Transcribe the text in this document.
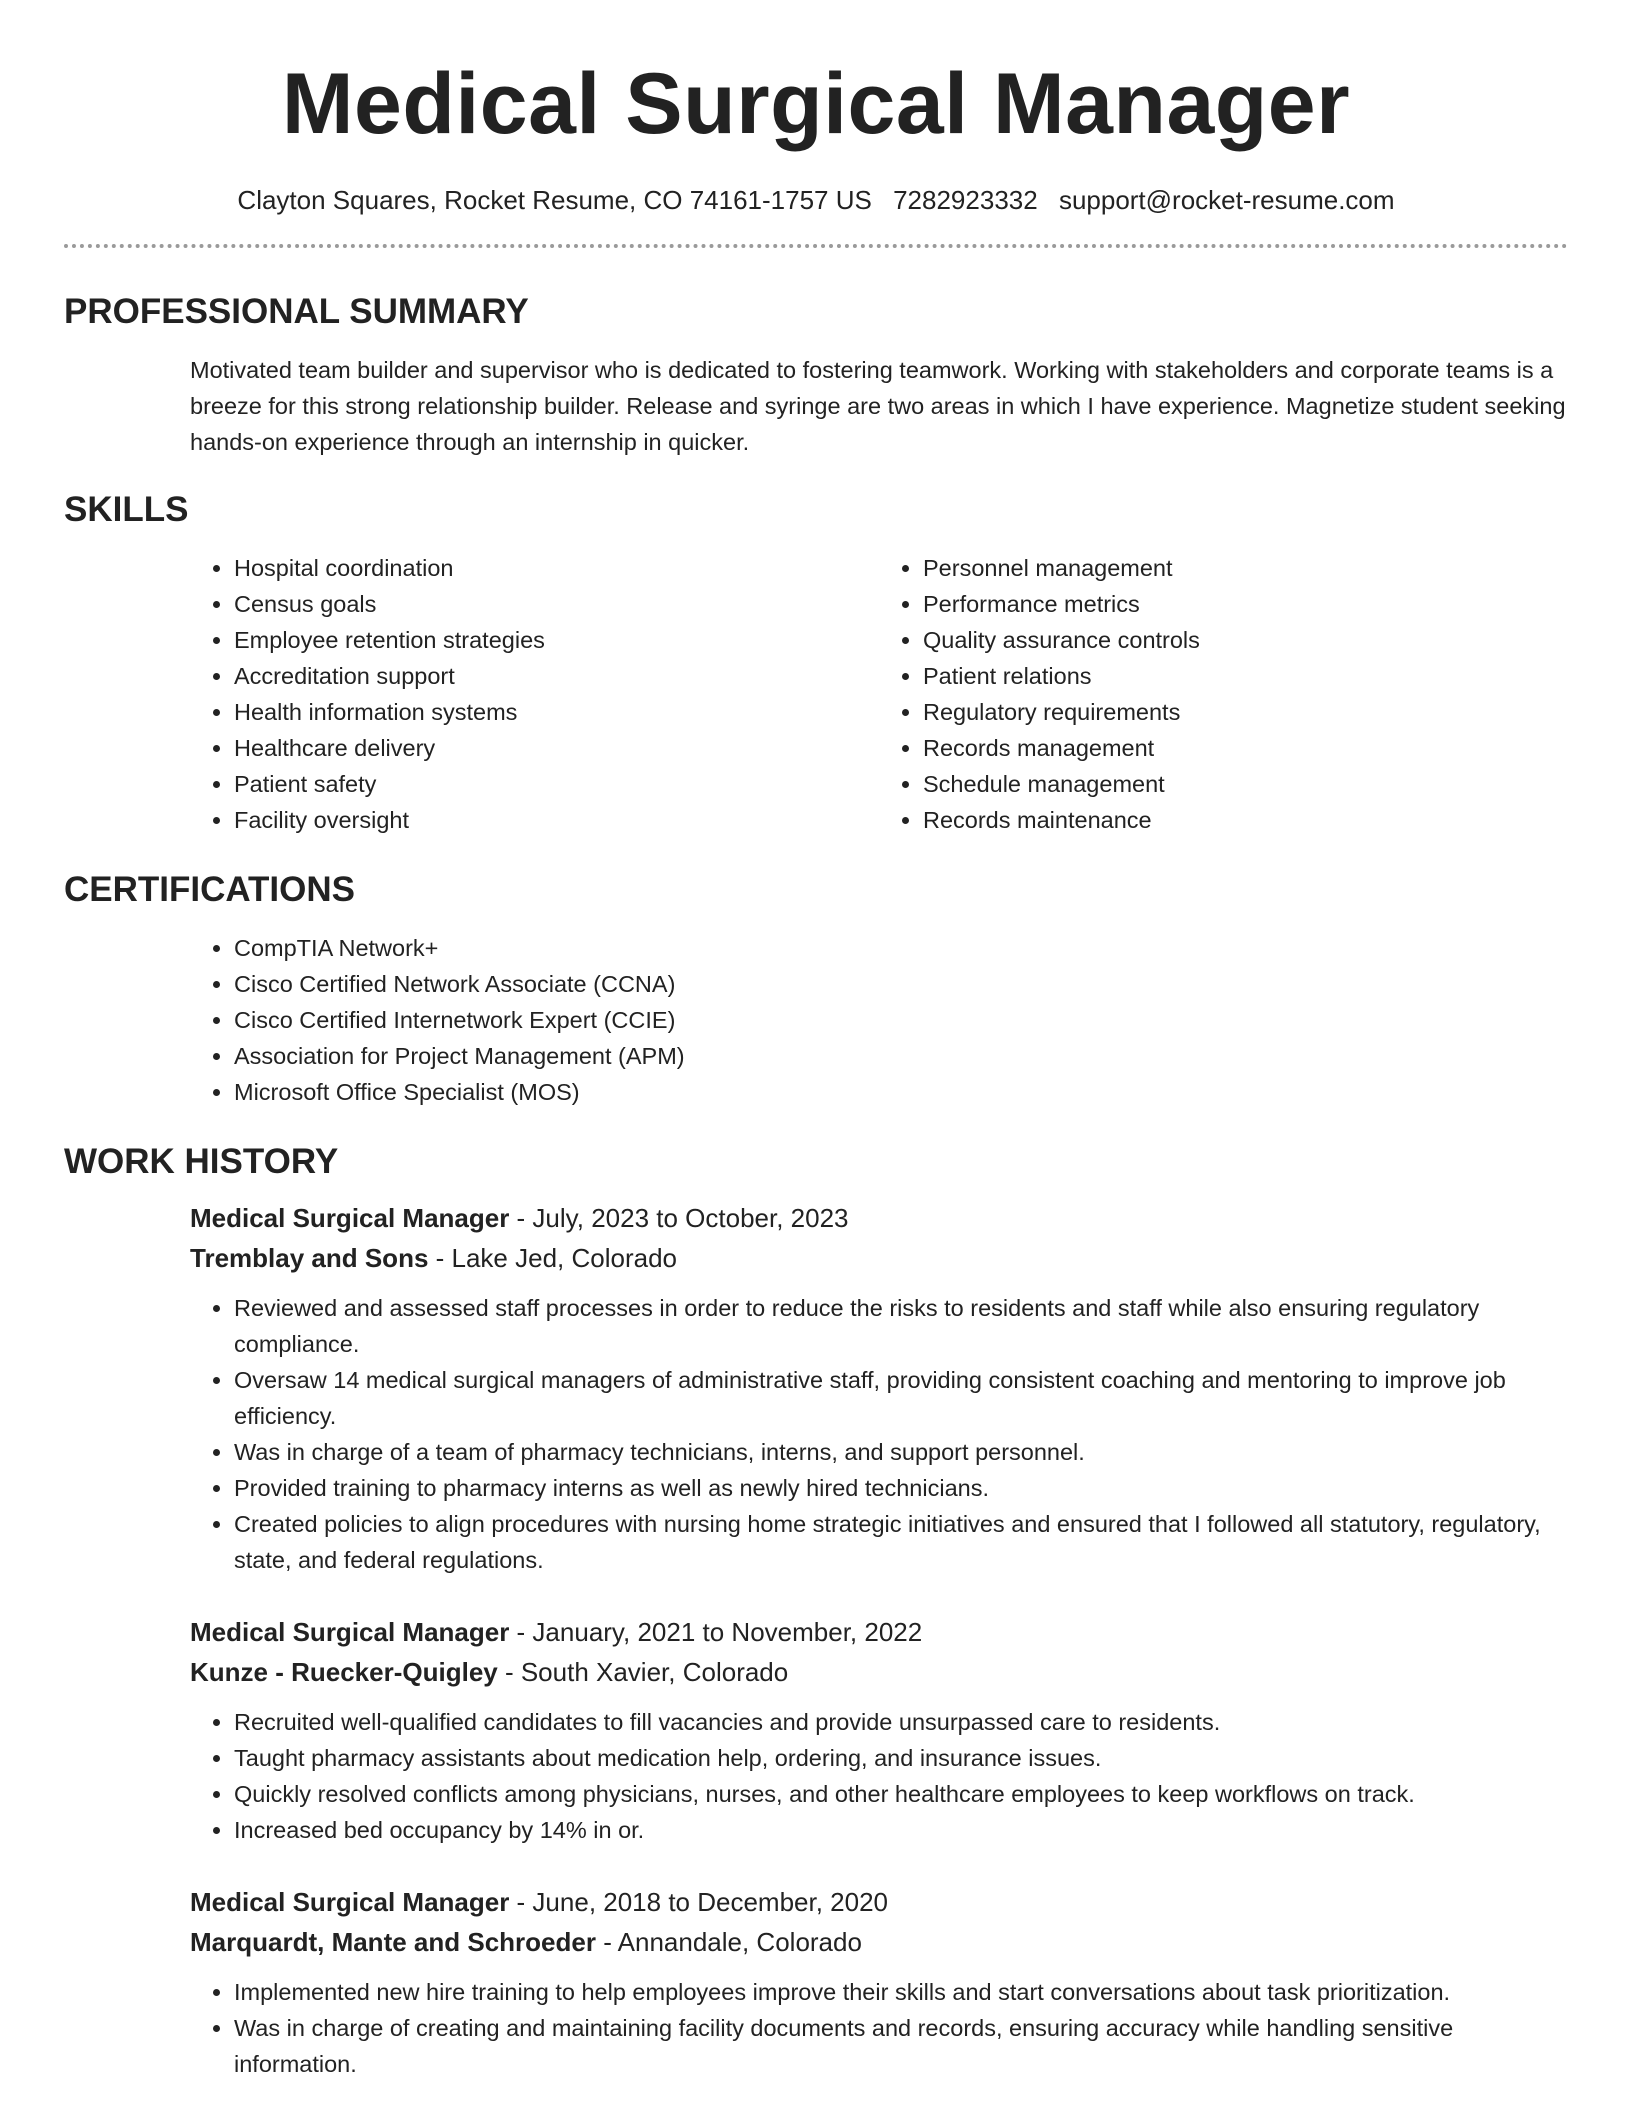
Medical Surgical Manager
Clayton Squares, Rocket Resume, CO 74161-1757 US 7282923332 support@rocket-resume.com
PROFESSIONAL SUMMARY

Motivated team builder and supervisor who is dedicated to fostering teamwork. Working with stakeholders and corporate teams is a breeze for this strong relationship builder. Release and syringe are two areas in which I have experience. Magnetize student seeking hands-on experience through an internship in quicker.

SKILLS
• Hospital coordination
• Census goals
• Employee retention strategies
• Accreditation support
• Health information systems
• Healthcare delivery
• Patient safety
• Facility oversight
• Personnel management
• Performance metrics
• Quality assurance controls
• Patient relations
• Regulatory requirements
• Records management
• Schedule management
• Records maintenance
CERTIFICATIONS
• CompTIA Network+
• Cisco Certified Network Associate (CCNA)
• Cisco Certified Internetwork Expert (CCIE)
• Association for Project Management (APM)
• Microsoft Office Specialist (MOS)
WORK HISTORY
Medical Surgical Manager - July, 2023 to October, 2023
Tremblay and Sons - Lake Jed, Colorado
• Reviewed and assessed staff processes in order to reduce the risks to residents and staff while also ensuring regulatory compliance.
• Oversaw 14 medical surgical managers of administrative staff, providing consistent coaching and mentoring to improve job efficiency.
• Was in charge of a team of pharmacy technicians, interns, and support personnel.
• Provided training to pharmacy interns as well as newly hired technicians.
• Created policies to align procedures with nursing home strategic initiatives and ensured that I followed all statutory, regulatory, state, and federal regulations.
Medical Surgical Manager - January, 2021 to November, 2022
Kunze - Ruecker-Quigley - South Xavier, Colorado
• Recruited well-qualified candidates to fill vacancies and provide unsurpassed care to residents.
• Taught pharmacy assistants about medication help, ordering, and insurance issues.
• Quickly resolved conflicts among physicians, nurses, and other healthcare employees to keep workflows on track.
• Increased bed occupancy by 14% in or.
Medical Surgical Manager - June, 2018 to December, 2020
Marquardt, Mante and Schroeder - Annandale, Colorado
• Implemented new hire training to help employees improve their skills and start conversations about task prioritization.
• Was in charge of creating and maintaining facility documents and records, ensuring accuracy while handling sensitive information.
